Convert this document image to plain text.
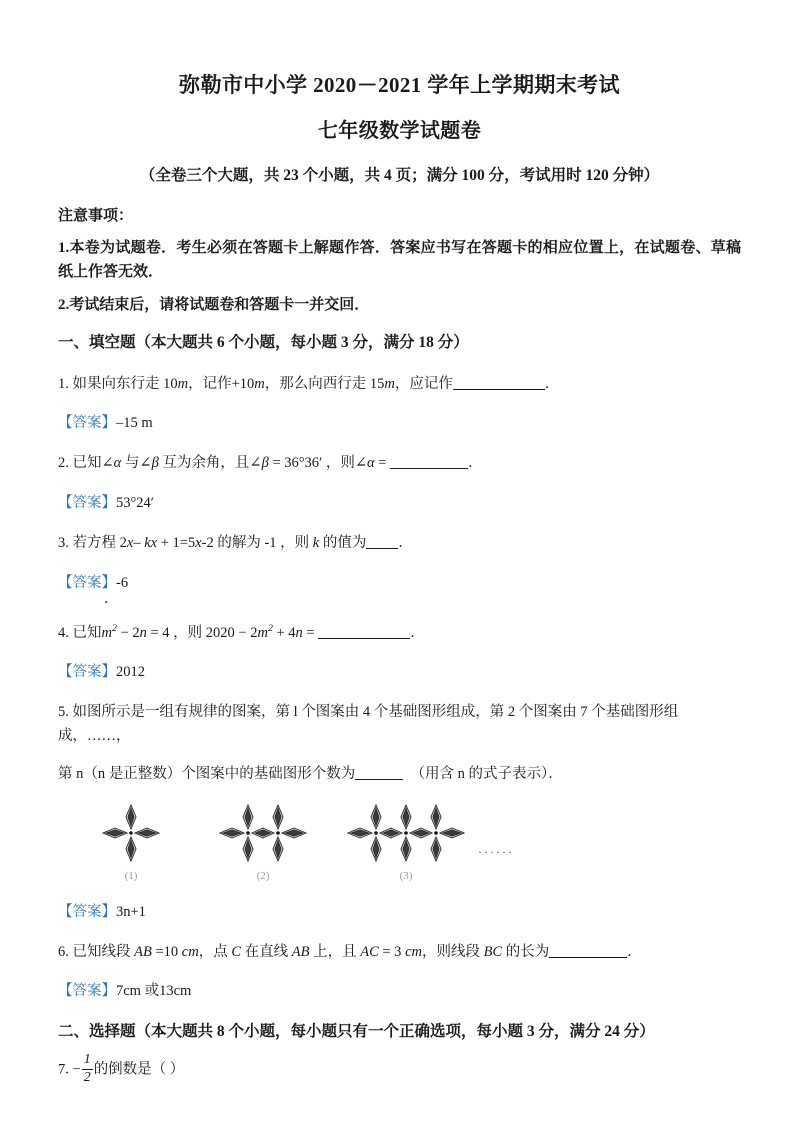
弥勒市中小学 2020－2021 学年上学期期末考试
七年级数学试题卷
（全卷三个大题，共 23 个小题，共 4 页；满分 100 分，考试用时 120 分钟）
注意事项：
1.本卷为试题卷．考生必须在答题卡上解题作答．答案应书写在答题卡的相应位置上，在试题卷、草稿纸上作答无效．
2.考试结束后，请将试题卷和答题卡一并交回．
一、填空题（本大题共 6 个小题，每小题 3 分，满分 18 分）
1. 如果向东行走 10m，记作+10m，那么向西行走 15m，应记作	．
【答案】–15 m
2. 已知∠α 与∠β 互为余角，且∠β = 36°36′ ，则∠α =	．
【答案】53°24′
3. 若方程 2x– kx + 1=5x-2 的解为 -1 ，则 k 的值为 ．
【答案】-6
．
4. 已知$m^2 - 2n = 4$ ，则 $2020 - 2m^2 + 4n$ =	．
【答案】2012
5. 如图所示是一组有规律的图案，第 l 个图案由 4 个基础图形组成，第 2 个图案由 7 个基础图形组成，……，
第 n（n 是正整数）个图案中的基础图形个数为	（用含 n 的式子表示）．
(1)	(2)	(3)
······
【答案】3n+1
6. 已知线段 AB =10 cm，点 C 在直线 AB 上，且 AC = 3 cm，则线段 BC 的长为	．
【答案】7cm 或13cm
二、选择题（本大题共 8 个小题，每小题只有一个正确选项，每小题 3 分，满分 24 分）
7. − $\frac{1}{2}$ 的倒数是（ ）
